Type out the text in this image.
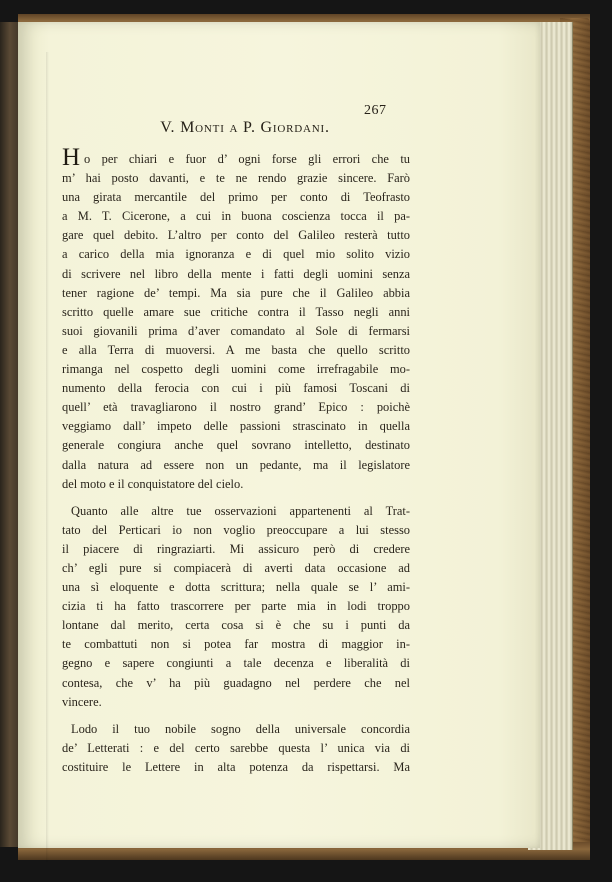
267
V. Monti a P. Giordani.
H o per chiari e fuor d’ ogni forse gli errori che tu
m’ hai posto davanti, e te ne rendo grazie sincere. Farò
una girata mercantile del primo per conto di Teofrasto
a M. T. Cicerone, a cui in buona coscienza tocca il pa-
gare quel debito. L’altro per conto del Galileo resterà tutto
a carico della mia ignoranza e di quel mio solito vizio
di scrivere nel libro della mente i fatti degli uomini senza
tener ragione de’ tempi. Ma sia pure che il Galileo abbia
scritto quelle amare sue critiche contra il Tasso negli anni
suoi giovanili prima d’aver comandato al Sole di fermarsi
e alla Terra di muoversi. A me basta che quello scritto
rimanga nel cospetto degli uomini come irrefragabile mo-
numento della ferocia con cui i più famosi Toscani di
quell’ età travagliarono il nostro grand’ Epico : poichè
veggiamo dall’ impeto delle passioni strascinato in quella
generale congiura anche quel sovrano intelletto, destinato
dalla natura ad essere non un pedante, ma il legislatore
del moto e il conquistatore del cielo.
Quanto alle altre tue osservazioni appartenenti al Trat-
tato del Perticari io non voglio preoccupare a lui stesso
il piacere di ringraziarti. Mi assicuro però di credere
ch’ egli pure si compiacerà di averti data occasione ad
una sì eloquente e dotta scrittura; nella quale se l’ ami-
cizia ti ha fatto trascorrere per parte mia in lodi troppo
lontane dal merito, certa cosa si è che su i punti da
te combattuti non si potea far mostra di maggior in-
gegno e sapere congiunti a tale decenza e liberalità di
contesa, che v’ ha più guadagno nel perdere che nel
vincere.
Lodo il tuo nobile sogno della universale concordia
de’ Letterati : e del certo sarebbe questa l’ unica via di
costituire le Lettere in alta potenza da rispettarsi. Ma
